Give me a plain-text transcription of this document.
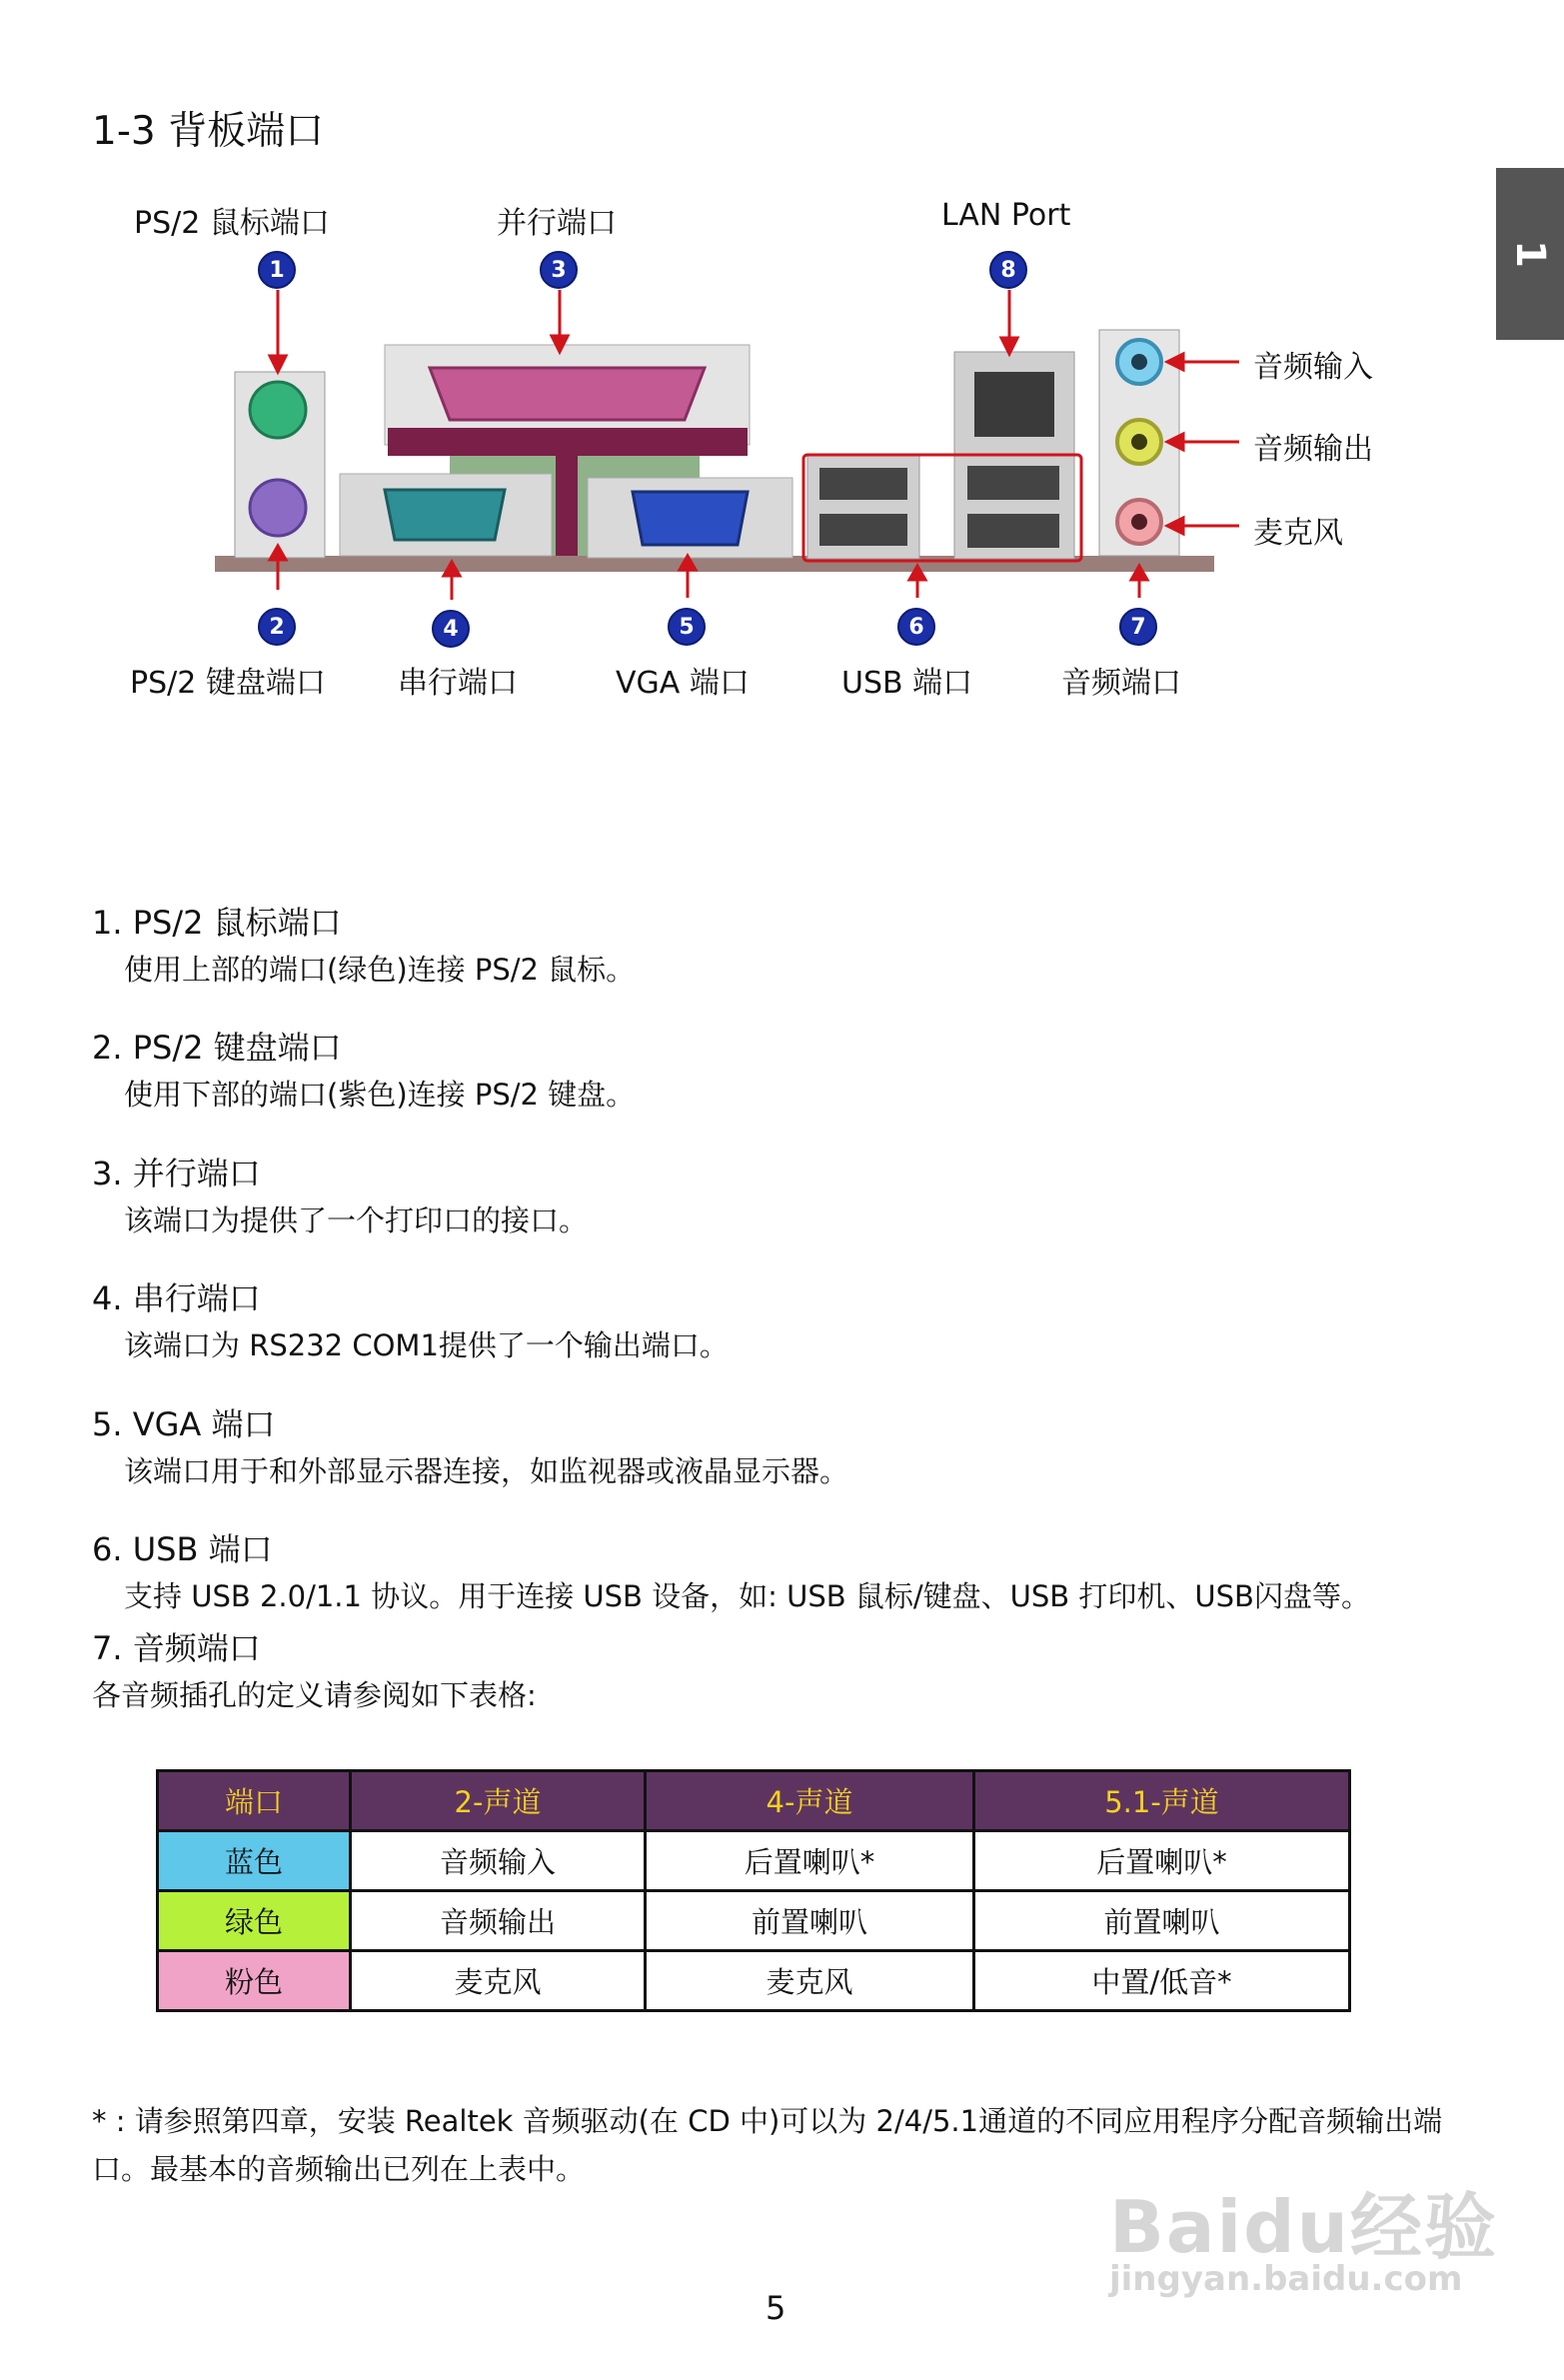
1-3 背板端口
1
1
2
3
4	5	6	7
8
PS/2 鼠标端口	并行端口	LAN Port
音频输入
音频输出
麦克风
PS/2 键盘端口 串行端口	VGA 端口	USB 端口	音频端口
1. PS/2 鼠标端口
使用上部的端口(绿色)连接 PS/2 鼠标。
2. PS/2 键盘端口
使用下部的端口(紫色)连接 PS/2 键盘。
3. 并行端口
该端口为提供了一个打印口的接口。
4. 串行端口
该端口为 RS232 COM1提供了一个输出端口。
5. VGA 端口
该端口用于和外部显示器连接，如监视器或液晶显示器。
6. USB 端口
支持 USB 2.0/1.1 协议。用于连接 USB 设备，如: USB 鼠标/键盘、USB 打印机、USB闪盘等。
7. 音频端口
各音频插孔的定义请参阅如下表格:
端口	2-声道	4-声道	5.1-声道
蓝色	音频输入	后置喇叭*	后置喇叭*
绿色	音频输出	前置喇叭	前置喇叭
粉色	麦克风	麦克风	中置/低音*
* : 请参照第四章，安装 Realtek 音频驱动(在 CD 中)可以为 2/4/5.1通道的不同应用程序分配音频输出端口。最基本的音频输出已列在上表中。
Baidu经验
jingyan.baidu.com
5
